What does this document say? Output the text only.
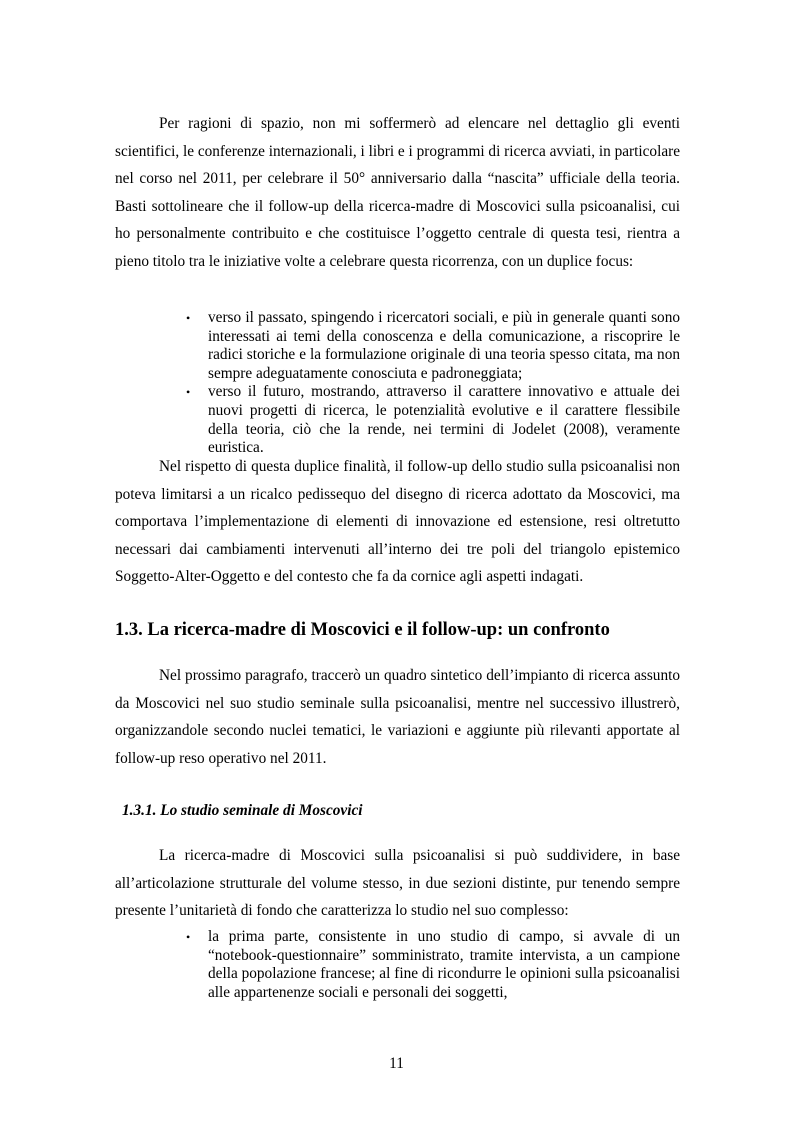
Per ragioni di spazio, non mi soffermerò ad elencare nel dettaglio gli eventi scientifici, le conferenze internazionali, i libri e i programmi di ricerca avviati, in particolare nel corso nel 2011, per celebrare il 50° anniversario dalla “nascita” ufficiale della teoria. Basti sottolineare che il follow-up della ricerca-madre di Moscovici sulla psicoanalisi, cui ho personalmente contribuito e che costituisce l’oggetto centrale di questa tesi, rientra a pieno titolo tra le iniziative volte a celebrare questa ricorrenza, con un duplice focus:

• verso il passato, spingendo i ricercatori sociali, e più in generale quanti sono interessati ai temi della conoscenza e della comunicazione, a riscoprire le radici storiche e la formulazione originale di una teoria spesso citata, ma non sempre adeguatamente conosciuta e padroneggiata;
• verso il futuro, mostrando, attraverso il carattere innovativo e attuale dei nuovi progetti di ricerca, le potenzialità evolutive e il carattere flessibile della teoria, ciò che la rende, nei termini di Jodelet (2008), veramente euristica.

Nel rispetto di questa duplice finalità, il follow-up dello studio sulla psicoanalisi non poteva limitarsi a un ricalco pedissequo del disegno di ricerca adottato da Moscovici, ma comportava l’implementazione di elementi di innovazione ed estensione, resi oltretutto necessari dai cambiamenti intervenuti all’interno dei tre poli del triangolo epistemico Soggetto-Alter-Oggetto e del contesto che fa da cornice agli aspetti indagati.

1.3. La ricerca-madre di Moscovici e il follow-up: un confronto

Nel prossimo paragrafo, traccerò un quadro sintetico dell’impianto di ricerca assunto da Moscovici nel suo studio seminale sulla psicoanalisi, mentre nel successivo illustrerò, organizzandole secondo nuclei tematici, le variazioni e aggiunte più rilevanti apportate al follow-up reso operativo nel 2011.

1.3.1. Lo studio seminale di Moscovici

La ricerca-madre di Moscovici sulla psicoanalisi si può suddividere, in base all’articolazione strutturale del volume stesso, in due sezioni distinte, pur tenendo sempre presente l’unitarietà di fondo che caratterizza lo studio nel suo complesso:

• la prima parte, consistente in uno studio di campo, si avvale di un “notebook-questionnaire” somministrato, tramite intervista, a un campione della popolazione francese; al fine di ricondurre le opinioni sulla psicoanalisi alle appartenenze sociali e personali dei soggetti,
11
